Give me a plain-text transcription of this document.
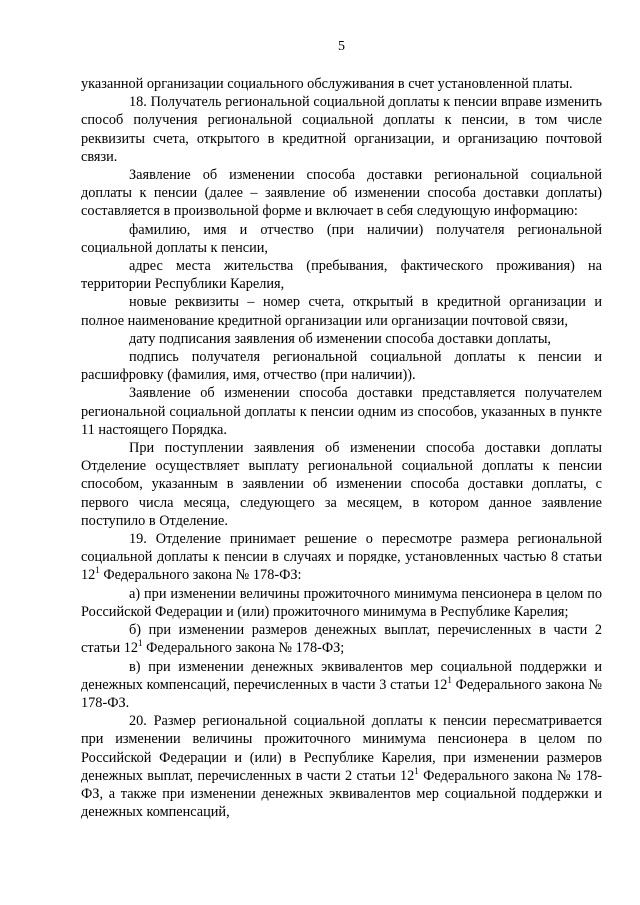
5

указанной организации социального обслуживания в счет установленной платы.

18. Получатель региональной социальной доплаты к пенсии вправе изменить способ получения региональной социальной доплаты к пенсии, в том числе реквизиты счета, открытого в кредитной организации, и организацию почтовой связи.

Заявление об изменении способа доставки региональной социальной доплаты к пенсии (далее – заявление об изменении способа доставки доплаты) составляется в произвольной форме и включает в себя следующую информацию:

фамилию, имя и отчество (при наличии) получателя региональной социальной доплаты к пенсии,

адрес места жительства (пребывания, фактического проживания) на территории Республики Карелия,

новые реквизиты – номер счета, открытый в кредитной организации и полное наименование кредитной организации или организации почтовой связи,

дату подписания заявления об изменении способа доставки доплаты,

подпись получателя региональной социальной доплаты к пенсии и расшифровку (фамилия, имя, отчество (при наличии)).

Заявление об изменении способа доставки представляется получателем региональной социальной доплаты к пенсии одним из способов, указанных в пункте 11 настоящего Порядка.

При поступлении заявления об изменении способа доставки доплаты Отделение осуществляет выплату региональной социальной доплаты к пенсии способом, указанным в заявлении об изменении способа доставки доплаты, с первого числа месяца, следующего за месяцем, в котором данное заявление поступило в Отделение.

19. Отделение принимает решение о пересмотре размера региональной социальной доплаты к пенсии в случаях и порядке, установленных частью 8 статьи $12^1$ Федерального закона № 178-ФЗ:

а) при изменении величины прожиточного минимума пенсионера в целом по Российской Федерации и (или) прожиточного минимума в Республике Карелия;

б) при изменении размеров денежных выплат, перечисленных в части 2 статьи $12^1$ Федерального закона № 178-ФЗ;

в) при изменении денежных эквивалентов мер социальной поддержки и денежных компенсаций, перечисленных в части 3 статьи $12^1$ Федерального закона № 178-ФЗ.

20. Размер региональной социальной доплаты к пенсии пересматривается при изменении величины прожиточного минимума пенсионера в целом по Российской Федерации и (или) в Республике Карелия, при изменении размеров денежных выплат, перечисленных в части 2 статьи $12^1$ Федерального закона № 178-ФЗ, а также при изменении денежных эквивалентов мер социальной поддержки и денежных компенсаций,
